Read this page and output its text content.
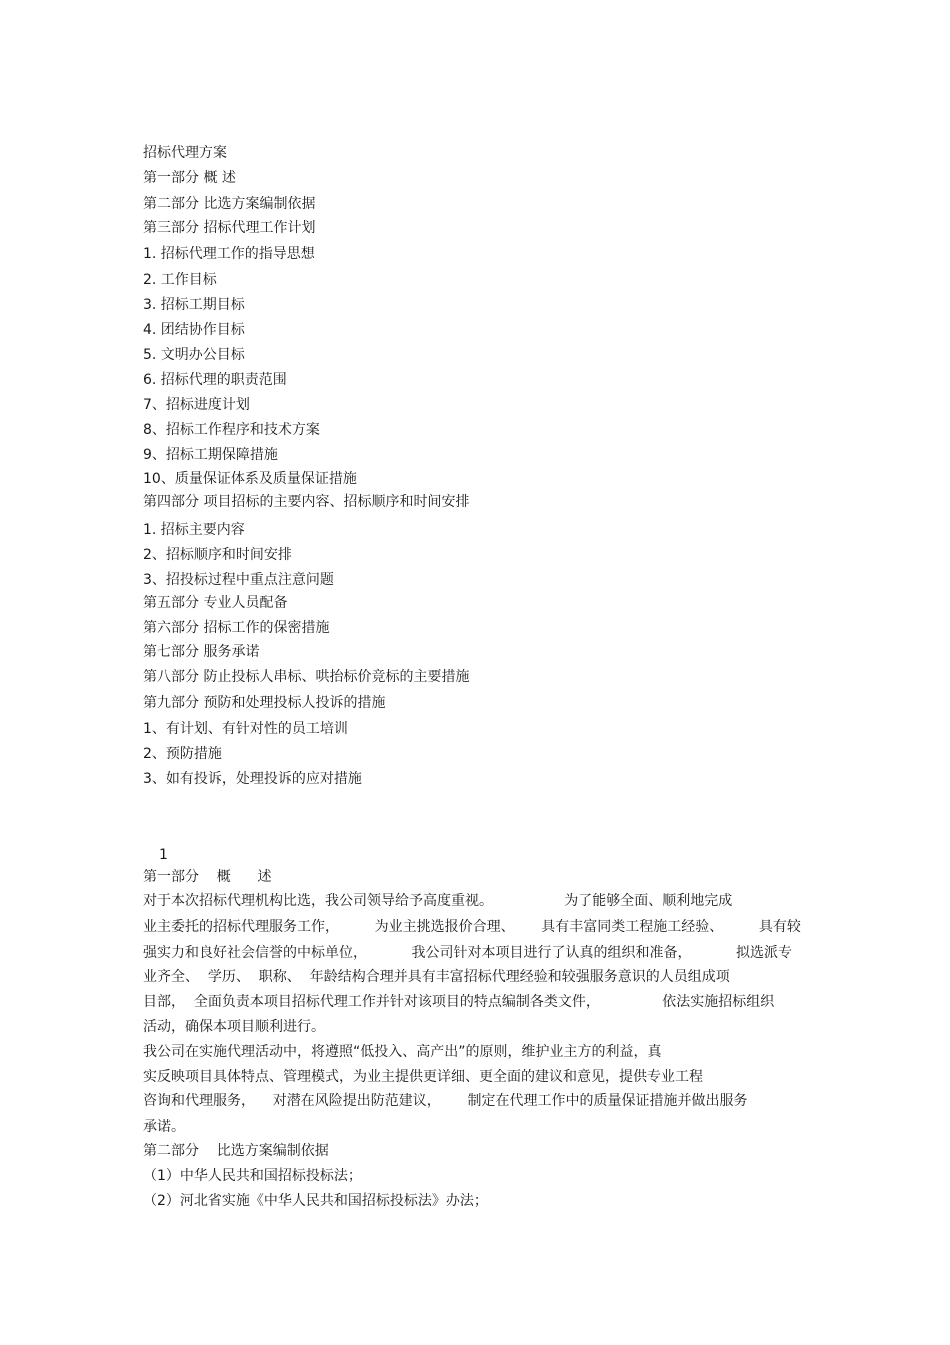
招标代理方案
第一部分 概 述
第二部分 比选方案编制依据
第三部分 招标代理工作计划
1. 招标代理工作的指导思想
2. 工作目标
3. 招标工期目标
4. 团结协作目标
5. 文明办公目标
6. 招标代理的职责范围
7、招标进度计划
8、招标工作程序和技术方案
9、招标工期保障措施
10、质量保证体系及质量保证措施
第四部分 项目招标的主要内容、招标顺序和时间安排
1. 招标主要内容
2、招标顺序和时间安排
3、招投标过程中重点注意问题
第五部分 专业人员配备
第六部分 招标工作的保密措施
第七部分 服务承诺
第八部分 防止投标人串标、哄抬标价竞标的主要措施
第九部分 预防和处理投标人投诉的措施
1、有计划、有针对性的员工培训
2、预防措施
3、如有投诉，处理投诉的应对措施
1
第一部分    概      述
对于本次招标代理机构比选，我公司领导给予高度重视。                为了能够全面、顺利地完成
业主委托的招标代理服务工作，        为业主挑选报价合理、      具有丰富同类工程施工经验、        具有较
强实力和良好社会信誉的中标单位，          我公司针对本项目进行了认真的组织和准备，          拟选派专
业齐全、  学历、  职称、  年龄结构合理并具有丰富招标代理经验和较强服务意识的人员组成项
目部，  全面负责本项目招标代理工作并针对该项目的特点编制各类文件，              依法实施招标组织
活动，确保本项目顺利进行。
我公司在实施代理活动中，将遵照“低投入、高产出”的原则，维护业主方的利益，真
实反映项目具体特点、管理模式，为业主提供更详细、更全面的建议和意见，提供专业工程
咨询和代理服务，    对潜在风险提出防范建议，      制定在代理工作中的质量保证措施并做出服务
承诺。
第二部分    比选方案编制依据
（1）中华人民共和国招标投标法；
（2）河北省实施《中华人民共和国招标投标法》办法；
